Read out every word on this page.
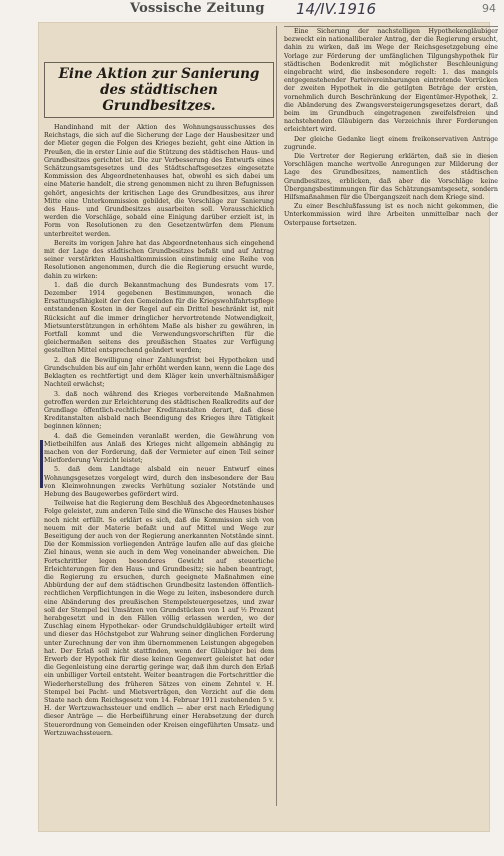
Vossische Zeitung 14/IV.1916	94
Eine Aktion zur Sanierung des städtischen Grundbesitzes.

Handinhand mit der Aktion des Wohnungsausschusses des Reichstags, die sich auf die Sicherung der Lage der Hausbesitzer und der Mieter gegen die Folgen des Krieges bezieht, geht eine Aktion in Preußen, die in erster Linie auf die Stützung des städtischen Haus- und Grundbesitzes gerichtet ist. Die zur Verbesserung des Entwurfs eines Schätzungsamtsgesetzes und des Städtschaftsgesetzes eingesetzte Kommission des Abgeordnetenhauses hat, obwohl es sich dabei um eine Materie handelt, die streng genommen nicht zu ihren Befugnissen gehört, angesichts der kritischen Lage des Grundbesitzes, aus ihrer Mitte eine Unterkommission gebildet, die Vorschläge zur Sanierung des Haus- und Grundbesitzes ausarbeiten soll. Vorausschicklich werden die Vorschläge, sobald eine Einigung darüber erzielt ist, in Form von Resolutionen zu den Gesetzentwürfen dem Plenum unterbreitet werden.

Bereits im vorigen Jahre hat das Abgeordnetenhaus sich eingehend mit der Lage des städtischen Grundbesitzes befaßt und auf Antrag seiner verstärkten Haushaltkommission einstimmig eine Reihe von Resolutionen angenommen, durch die die Regierung ersucht wurde, dahin zu wirken:

1. daß die durch Bekanntmachung des Bundesrats vom 17. Dezember 1914 gegebenen Bestimmungen, wonach die Ersattungsfähigkeit der den Gemeinden für die Kriegswohlfahrtspflege entstandenen Kosten in der Regel auf ein Drittel beschränkt ist, mit Rücksicht auf die immer dringlicher hervortretende Notwendigkeit, Mietsunterstützungen in erhöhtem Maße als bisher zu gewähren, in Fortfall kommt und die Verwendungsvorschriften für die gleichermaßen seitens des preußischen Staates zur Verfügung gestellten Mittel entsprechend geändert werden;

2. daß die Bewilligung einer Zahlungsfrist bei Hypotheken und Grundschulden bis auf ein Jahr erhöht werden kann, wenn die Lage des Beklagten es rechtfertigt und dem Kläger kein unverhältnismäßiger Nachteil erwächst;

3. daß noch während des Krieges vorbereitende Maßnahmen getroffen werden zur Erleichterung des städtischen Realkredits auf der Grundlage öffentlich-rechtlicher Kreditanstalten derart, daß diese Kreditanstalten alsbald nach Beendigung des Krieges ihre Tätigkeit beginnen können;

4. daß die Gemeinden veranlaßt werden, die Gewährung von Mietbeihilfen aus Anlaß des Krieges nicht allgemein abhängig zu machen von der Forderung, daß der Vermieter auf einen Teil seiner Mietforderung Verzicht leistet;

5. daß dem Landtage alsbald ein neuer Entwurf eines Wohnungsgesetzes vorgelegt wird, durch den insbesondere der Bau von Kleinwohnungen zwecks Verhütung sozialer Notstände und Hebung des Baugewerbes gefördert wird.

Teilweise hat die Regierung dem Beschluß des Abgeordnetenhauses Folge geleistet, zum anderen Teile sind die Wünsche des Hauses bisher noch nicht erfüllt. So erklärt es sich, daß die Kommission sich von neuem mit der Materie befaßt und auf Mittel und Wege zur Beseitigung der auch von der Regierung anerkannten Notstände sinnt. Die der Kommission vorliegenden Anträge laufen alle auf das gleiche Ziel hinaus, wenn sie auch in dem Weg voneinander abweichen. Die Fortschrittler legen besonderes Gewicht auf steuerliche Erleichterungen für den Haus- und Grundbesitz; sie haben beantragt, die Regierung zu ersuchen, durch geeignete Maßnahmen eine Abbürdung der auf dem städtischen Grundbesitz lastenden öffentlich-rechtlichen Verpflichtungen in die Wege zu leiten, insbesondere durch eine Abänderung des preußischen Stempelsteuergesetzes, und zwar soll der Stempel bei Umsätzen von Grundstücken von 1 auf ½ Prozent herabgesetzt und in den Fällen völlig erlassen werden, wo der Zuschlag einem Hypothekar- oder Grundschuldgläubiger erteilt wird und dieser das Höchstgebot zur Wahrung seiner dinglichen Forderung unter Zurechnung der von ihm übernommenen Leistungen abgegeben hat. Der Erlaß soll nicht stattfinden, wenn der Gläubiger bei dem Erwerb der Hypothek für diese keinen Gegenwert geleistet hat oder die Gegenleistung eine derartig geringe war, daß ihm durch den Erlaß ein unbilliger Vorteil entsteht. Weiter beantragen die Fortschrittler die Wiederherstellung des früheren Sätzes von einem Zehntel v. H. Stempel bei Pacht- und Mietsverträgen, den Verzicht auf die dem Staate nach dem Reichsgesetz vom 14. Februar 1911 zustehenden 5 v. H. der Wertzuwachssteuer und endlich — aber erst nach Erledigung dieser Anträge — die Herbeiführung einer Herabsetzung der durch Steuerordnung von Gemeinden oder Kreisen eingeführten Umsatz- und Wertzuwachssteuern.

Eine Sicherung der nachstelligen Hypothekengläubiger bezweckt ein nationalliberaler Antrag, der die Regierung ersucht, dahin zu wirken, daß im Wege der Reichsgesetzgebung eine Vorlage zur Förderung der umfänglichen Tilgungshypothek für städtischen Bodenkredit mit möglichster Beschleunigung eingebracht wird, die insbesondere regelt: 1. das mangels entgegenstehender Parteivereinbarungen eintretende Vorrücken der zweiten Hypothek in die getilgten Beträge der ersten, vornehmlich durch Beschränkung der Eigentümer-Hypothek, 2. die Abänderung des Zwangsversteigerungsgesetzes derart, daß beim im Grundbuch eingetragenen zweifelsfreien und nachstehenden Gläubigern das Verzeichnis ihrer Forderungen erleichtert wird.

Der gleiche Gedanke liegt einem freikonservativen Antrage zugrunde.

Die Vertreter der Regierung erklärten, daß sie in diesen Vorschlägen manche wertvolle Anregungen zur Milderung der Lage des Grundbesitzes, namentlich des städtischen Grundbesitzes, erblicken, daß aber die Vorschläge keine Übergangsbestimmungen für das Schätzungsamtsgesetz, sondern Hilfsmaßnahmen für die Übergangszeit nach dem Kriege sind.

Zu einer Beschlußfassung ist es noch nicht gekommen, die Unterkommission wird ihre Arbeiten unmittelbar nach der Osterpause fortsetzen.
